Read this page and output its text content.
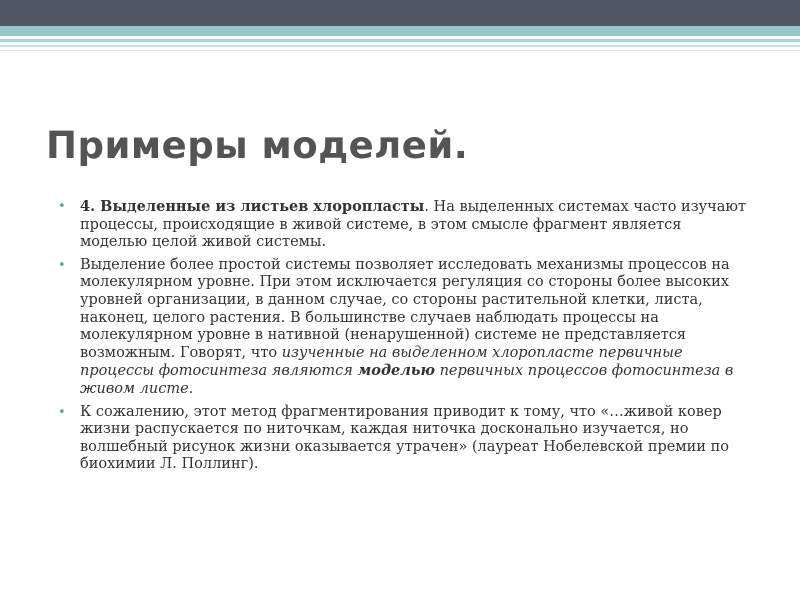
Примеры моделей.
• 4. Выделенные из листьев хлоропласты. На выделенных системах часто изучают процессы, происходящие в живой системе, в этом смысле фрагмент является моделью целой живой системы.
• Выделение более простой системы позволяет исследовать механизмы процессов на молекулярном уровне. При этом исключается регуляция со стороны более высоких уровней организации, в данном случае, со стороны растительной клетки, листа, наконец, целого растения. В большинстве случаев наблюдать процессы на молекулярном уровне в нативной (ненарушенной) системе не представляется возможным. Говорят, что изученные на выделенном хлоропласте первичные процессы фотосинтеза являются моделью первичных процессов фотосинтеза в живом листе.
• К сожалению, этот метод фрагментирования приводит к тому, что «…живой ковер жизни распускается по ниточкам, каждая ниточка досконально изучается, но волшебный рисунок жизни оказывается утрачен» (лауреат Нобелевской премии по биохимии Л. Поллинг).
